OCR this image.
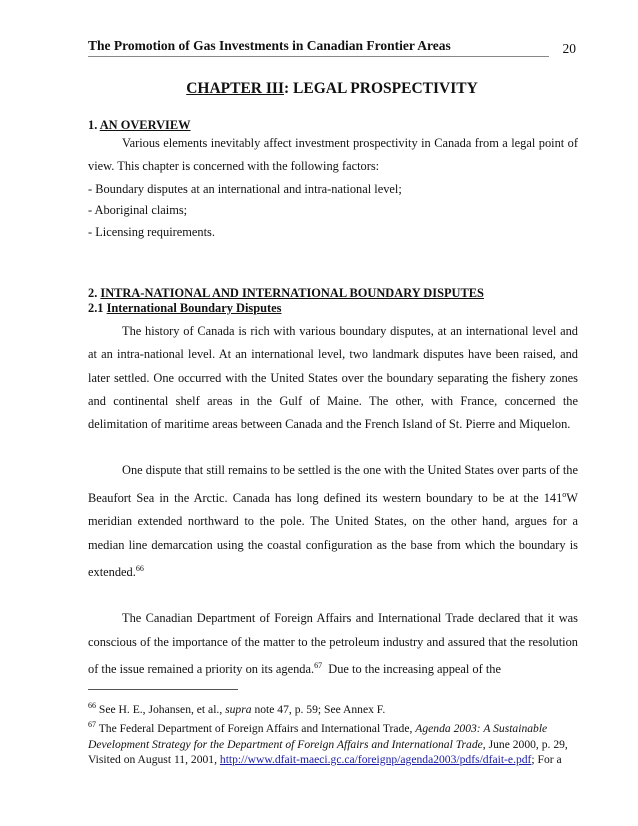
The Promotion of Gas Investments in Canadian Frontier Areas	20
CHAPTER III: LEGAL PROSPECTIVITY
1. AN OVERVIEW

Various elements inevitably affect investment prospectivity in Canada from a legal point of view. This chapter is concerned with the following factors:

- Boundary disputes at an international and intra-national level;
- Aboriginal claims;
- Licensing requirements.
2. INTRA-NATIONAL AND INTERNATIONAL BOUNDARY DISPUTES
2.1 International Boundary Disputes

The history of Canada is rich with various boundary disputes, at an international level and at an intra-national level. At an international level, two landmark disputes have been raised, and later settled. One occurred with the United States over the boundary separating the fishery zones and continental shelf areas in the Gulf of Maine. The other, with France, concerned the delimitation of maritime areas between Canada and the French Island of St. Pierre and Miquelon.

One dispute that still remains to be settled is the one with the United States over parts of the Beaufort Sea in the Arctic. Canada has long defined its western boundary to be at the 141$^o$W meridian extended northward to the pole. The United States, on the other hand, argues for a median line demarcation using the coastal configuration as the base from which the boundary is extended.$^{66}$

The Canadian Department of Foreign Affairs and International Trade declared that it was conscious of the importance of the matter to the petroleum industry and assured that the resolution of the issue remained a priority on its agenda.$^{67}$  Due to the increasing appeal of the

$^{66}$ See H. E., Johansen, et al., supra note 47, p. 59; See Annex F.
$^{67}$ The Federal Department of Foreign Affairs and International Trade, Agenda 2003: A Sustainable Development Strategy for the Department of Foreign Affairs and International Trade, June 2000, p. 29, Visited on August 11, 2001, http://www.dfait-maeci.gc.ca/foreignp/agenda2003/pdfs/dfait-e.pdf; For a
